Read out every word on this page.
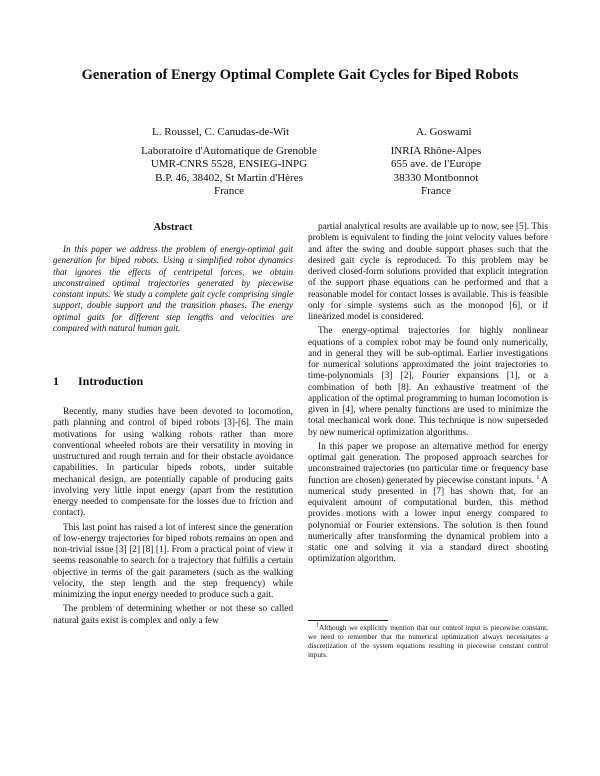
Generation of Energy Optimal Complete Gait Cycles for Biped Robots
L. Roussel, C. Canudas-de-Wit	A. Goswami
Laboratoire d'Automatique de Grenoble
UMR-CNRS 5528, ENSIEG-INPG
B.P. 46, 38402, St Martin d'Hères
France
INRIA Rhône-Alpes
655 ave. de l'Europe
38330 Montbonnot
France
Abstract

In this paper we address the problem of energy-optimal gait generation for biped robots. Using a simplified robot dynamics that ignores the effects of centripetal forces, we obtain unconstrained optimal trajectories generated by piecewise constant inputs. We study a complete gait cycle comprising single support, double support and the transition phases. The energy optimal gaits for different step lengths and velocities are compared with natural human gait.

1 Introduction

Recently, many studies have been devoted to locomotion, path planning and control of biped robots [3]-[6]. The main motivations for using walking robots rather than more conventional wheeled robots are their versatility in moving in unstructured and rough terrain and for their obstacle avoidance capabilities. In particular bipeds robots, under suitable mechanical design, are potentially capable of producing gaits involving very little input energy (apart from the restitution energy needed to compensate for the losses due to friction and contact).

This last point has raised a lot of interest since the generation of low-energy trajectories for biped robots remains an open and non-trivial issue [3] [2] [8] [1]. From a practical point of view it seems reasonable to search for a trajectory that fulfills a certain objective in terms of the gait parameters (such as the walking velocity, the step length and the step frequency) while minimizing the input energy needed to produce such a gait.

The problem of determining whether or not these so called natural gaits exist is complex and only a few

partial analytical results are available up to now, see [5]. This problem is equivalent to finding the joint velocity values before and after the swing and double support phases such that the desired gait cycle is reproduced. To this problem may be derived closed-form solutions provided that explicit integration of the support phase equations can be performed and that a reasonable model for contact losses is available. This is feasible only for simple systems such as the monopod [6], or if linearized model is considered.

The energy-optimal trajectories for highly nonlinear equations of a complex robot may be found only numerically, and in general they will be sub-optimal. Earlier investigations for numerical solutions approximated the joint trajectories to time-polynomials [3] [2], Fourier expansions [1], or a combination of both [8]. An exhaustive treatment of the application of the optimal programming to human locomotion is given in [4], where penalty functions are used to minimize the total mechanical work done. This technique is now superseded by new numerical optimization algorithms.

In this paper we propose an alternative method for energy optimal gait generation. The proposed approach searches for unconstrained trajectories (no particular time or frequency base function are chosen) generated by piecewise constant inputs. $^1$ A numerical study presented in [7] has shown that, for an equivalent amount of computational burden, this method provides motions with a lower input energy compared to polynomial or Fourier extensions. The solution is then found numerically after transforming the dynamical problem into a static one and solving it via a standard direct shooting optimization algorithm.

$^1$Although we explicitly mention that our control input is piecewise constant, we need to remember that the numerical optimization always necessitates a discretization of the system equations resulting in piecewise constant control inputs.
